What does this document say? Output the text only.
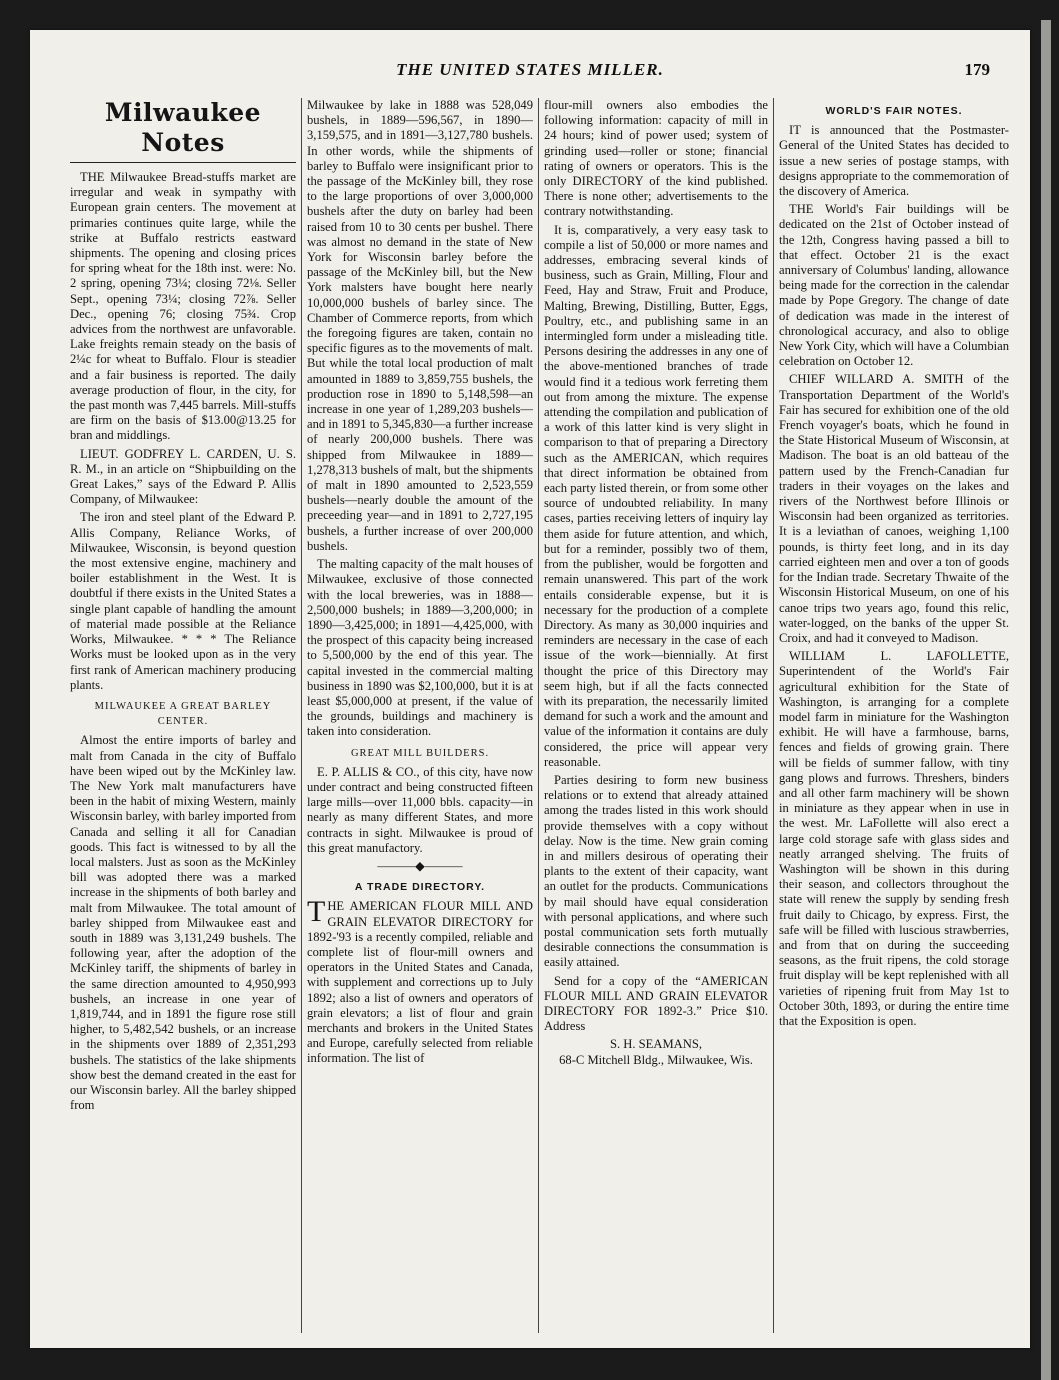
THE UNITED STATES MILLER.	179
Milwaukee Notes

THE Milwaukee Bread-stuffs market are irregular and weak in sympathy with European grain centers. The movement at primaries continues quite large, while the strike at Buffalo restricts eastward shipments. The opening and closing prices for spring wheat for the 18th inst. were: No. 2 spring, opening 73¼; closing 72⅛. Seller Sept., opening 73¼; closing 72⅞. Seller Dec., opening 76; closing 75¾. Crop advices from the northwest are unfavorable. Lake freights remain steady on the basis of 2¼c for wheat to Buffalo. Flour is steadier and a fair business is reported. The daily average production of flour, in the city, for the past month was 7,445 barrels. Mill-stuffs are firm on the basis of $13.00@13.25 for bran and middlings.

LIEUT. GODFREY L. CARDEN, U. S. R. M., in an article on “Shipbuilding on the Great Lakes,” says of the Edward P. Allis Company, of Milwaukee:

The iron and steel plant of the Edward P. Allis Company, Reliance Works, of Milwaukee, Wisconsin, is beyond question the most extensive engine, machinery and boiler establishment in the West. It is doubtful if there exists in the United States a single plant capable of handling the amount of material made possible at the Reliance Works, Milwaukee. * * * The Reliance Works must be looked upon as in the very first rank of American machinery producing plants.

MILWAUKEE A GREAT BARLEY CENTER.

Almost the entire imports of barley and malt from Canada in the city of Buffalo have been wiped out by the McKinley law. The New York malt manufacturers have been in the habit of mixing Western, mainly Wisconsin barley, with barley imported from Canada and selling it all for Canadian goods. This fact is witnessed to by all the local malsters. Just as soon as the McKinley bill was adopted there was a marked increase in the shipments of both barley and malt from Milwaukee. The total amount of barley shipped from Milwaukee east and south in 1889 was 3,131,249 bushels. The following year, after the adoption of the McKinley tariff, the shipments of barley in the same direction amounted to 4,950,993 bushels, an increase in one year of 1,819,744, and in 1891 the figure rose still higher, to 5,482,542 bushels, or an increase in the shipments over 1889 of 2,351,293 bushels. The statistics of the lake shipments show best the demand created in the east for our Wisconsin barley. All the barley shipped from

Milwaukee by lake in 1888 was 528,049 bushels, in 1889—596,567, in 1890—3,159,575, and in 1891—3,127,780 bushels. In other words, while the shipments of barley to Buffalo were insignificant prior to the passage of the McKinley bill, they rose to the large proportions of over 3,000,000 bushels after the duty on barley had been raised from 10 to 30 cents per bushel. There was almost no demand in the state of New York for Wisconsin barley before the passage of the McKinley bill, but the New York malsters have bought here nearly 10,000,000 bushels of barley since. The Chamber of Commerce reports, from which the foregoing figures are taken, contain no specific figures as to the movements of malt. But while the total local production of malt amounted in 1889 to 3,859,755 bushels, the production rose in 1890 to 5,148,598—an increase in one year of 1,289,203 bushels—and in 1891 to 5,345,830—a further increase of nearly 200,000 bushels. There was shipped from Milwaukee in 1889—1,278,313 bushels of malt, but the shipments of malt in 1890 amounted to 2,523,559 bushels—nearly double the amount of the preceeding year—and in 1891 to 2,727,195 bushels, a further increase of over 200,000 bushels.

The malting capacity of the malt houses of Milwaukee, exclusive of those connected with the local breweries, was in 1888—2,500,000 bushels; in 1889—3,200,000; in 1890—3,425,000; in 1891—4,425,000, with the prospect of this capacity being increased to 5,500,000 by the end of this year. The capital invested in the commercial malting business in 1890 was $2,100,000, but it is at least $5,000,000 at present, if the value of the grounds, buildings and machinery is taken into consideration.

GREAT MILL BUILDERS.

E. P. ALLIS & CO., of this city, have now under contract and being constructed fifteen large mills—over 11,000 bbls. capacity—in nearly as many different States, and more contracts in sight. Milwaukee is proud of this great manufactory.

———◆———
A TRADE DIRECTORY.

THE AMERICAN FLOUR MILL AND GRAIN ELEVATOR DIRECTORY for 1892-'93 is a recently compiled, reliable and complete list of flour-mill owners and operators in the United States and Canada, with supplement and corrections up to July 1892; also a list of owners and operators of grain elevators; a list of flour and grain merchants and brokers in the United States and Europe, carefully selected from reliable information. The list of

flour-mill owners also embodies the following information: capacity of mill in 24 hours; kind of power used; system of grinding used—roller or stone; financial rating of owners or operators. This is the only DIRECTORY of the kind published. There is none other; advertisements to the contrary notwithstanding.

It is, comparatively, a very easy task to compile a list of 50,000 or more names and addresses, embracing several kinds of business, such as Grain, Milling, Flour and Feed, Hay and Straw, Fruit and Produce, Malting, Brewing, Distilling, Butter, Eggs, Poultry, etc., and publishing same in an intermingled form under a misleading title. Persons desiring the addresses in any one of the above-mentioned branches of trade would find it a tedious work ferreting them out from among the mixture. The expense attending the compilation and publication of a work of this latter kind is very slight in comparison to that of preparing a Directory such as the AMERICAN, which requires that direct information be obtained from each party listed therein, or from some other source of undoubted reliability. In many cases, parties receiving letters of inquiry lay them aside for future attention, and which, but for a reminder, possibly two of them, from the publisher, would be forgotten and remain unanswered. This part of the work entails considerable expense, but it is necessary for the production of a complete Directory. As many as 30,000 inquiries and reminders are necessary in the case of each issue of the work—biennially. At first thought the price of this Directory may seem high, but if all the facts connected with its preparation, the necessarily limited demand for such a work and the amount and value of the information it contains are duly considered, the price will appear very reasonable.

Parties desiring to form new business relations or to extend that already attained among the trades listed in this work should provide themselves with a copy without delay. Now is the time. New grain coming in and millers desirous of operating their plants to the extent of their capacity, want an outlet for the products. Communications by mail should have equal consideration with personal applications, and where such postal communication sets forth mutually desirable connections the consummation is easily attained.

Send for a copy of the “AMERICAN FLOUR MILL AND GRAIN ELEVATOR DIRECTORY FOR 1892-3.” Price $10. Address

S. H. SEAMANS,

68-C Mitchell Bldg., Milwaukee, Wis.

WORLD'S FAIR NOTES.

IT is announced that the Postmaster-General of the United States has decided to issue a new series of postage stamps, with designs appropriate to the commemoration of the discovery of America.

THE World's Fair buildings will be dedicated on the 21st of October instead of the 12th, Congress having passed a bill to that effect. October 21 is the exact anniversary of Columbus' landing, allowance being made for the correction in the calendar made by Pope Gregory. The change of date of dedication was made in the interest of chronological accuracy, and also to oblige New York City, which will have a Columbian celebration on October 12.

CHIEF WILLARD A. SMITH of the Transportation Department of the World's Fair has secured for exhibition one of the old French voyager's boats, which he found in the State Historical Museum of Wisconsin, at Madison. The boat is an old batteau of the pattern used by the French-Canadian fur traders in their voyages on the lakes and rivers of the Northwest before Illinois or Wisconsin had been organized as territories. It is a leviathan of canoes, weighing 1,100 pounds, is thirty feet long, and in its day carried eighteen men and over a ton of goods for the Indian trade. Secretary Thwaite of the Wisconsin Historical Museum, on one of his canoe trips two years ago, found this relic, water-logged, on the banks of the upper St. Croix, and had it conveyed to Madison.

WILLIAM L. LAFOLLETTE, Superintendent of the World's Fair agricultural exhibition for the State of Washington, is arranging for a complete model farm in miniature for the Washington exhibit. He will have a farmhouse, barns, fences and fields of growing grain. There will be fields of summer fallow, with tiny gang plows and furrows. Threshers, binders and all other farm machinery will be shown in miniature as they appear when in use in the west. Mr. LaFollette will also erect a large cold storage safe with glass sides and neatly arranged shelving. The fruits of Washington will be shown in this during their season, and collectors throughout the state will renew the supply by sending fresh fruit daily to Chicago, by express. First, the safe will be filled with luscious strawberries, and from that on during the succeeding seasons, as the fruit ripens, the cold storage fruit display will be kept replenished with all varieties of ripening fruit from May 1st to October 30th, 1893, or during the entire time that the Exposition is open.
